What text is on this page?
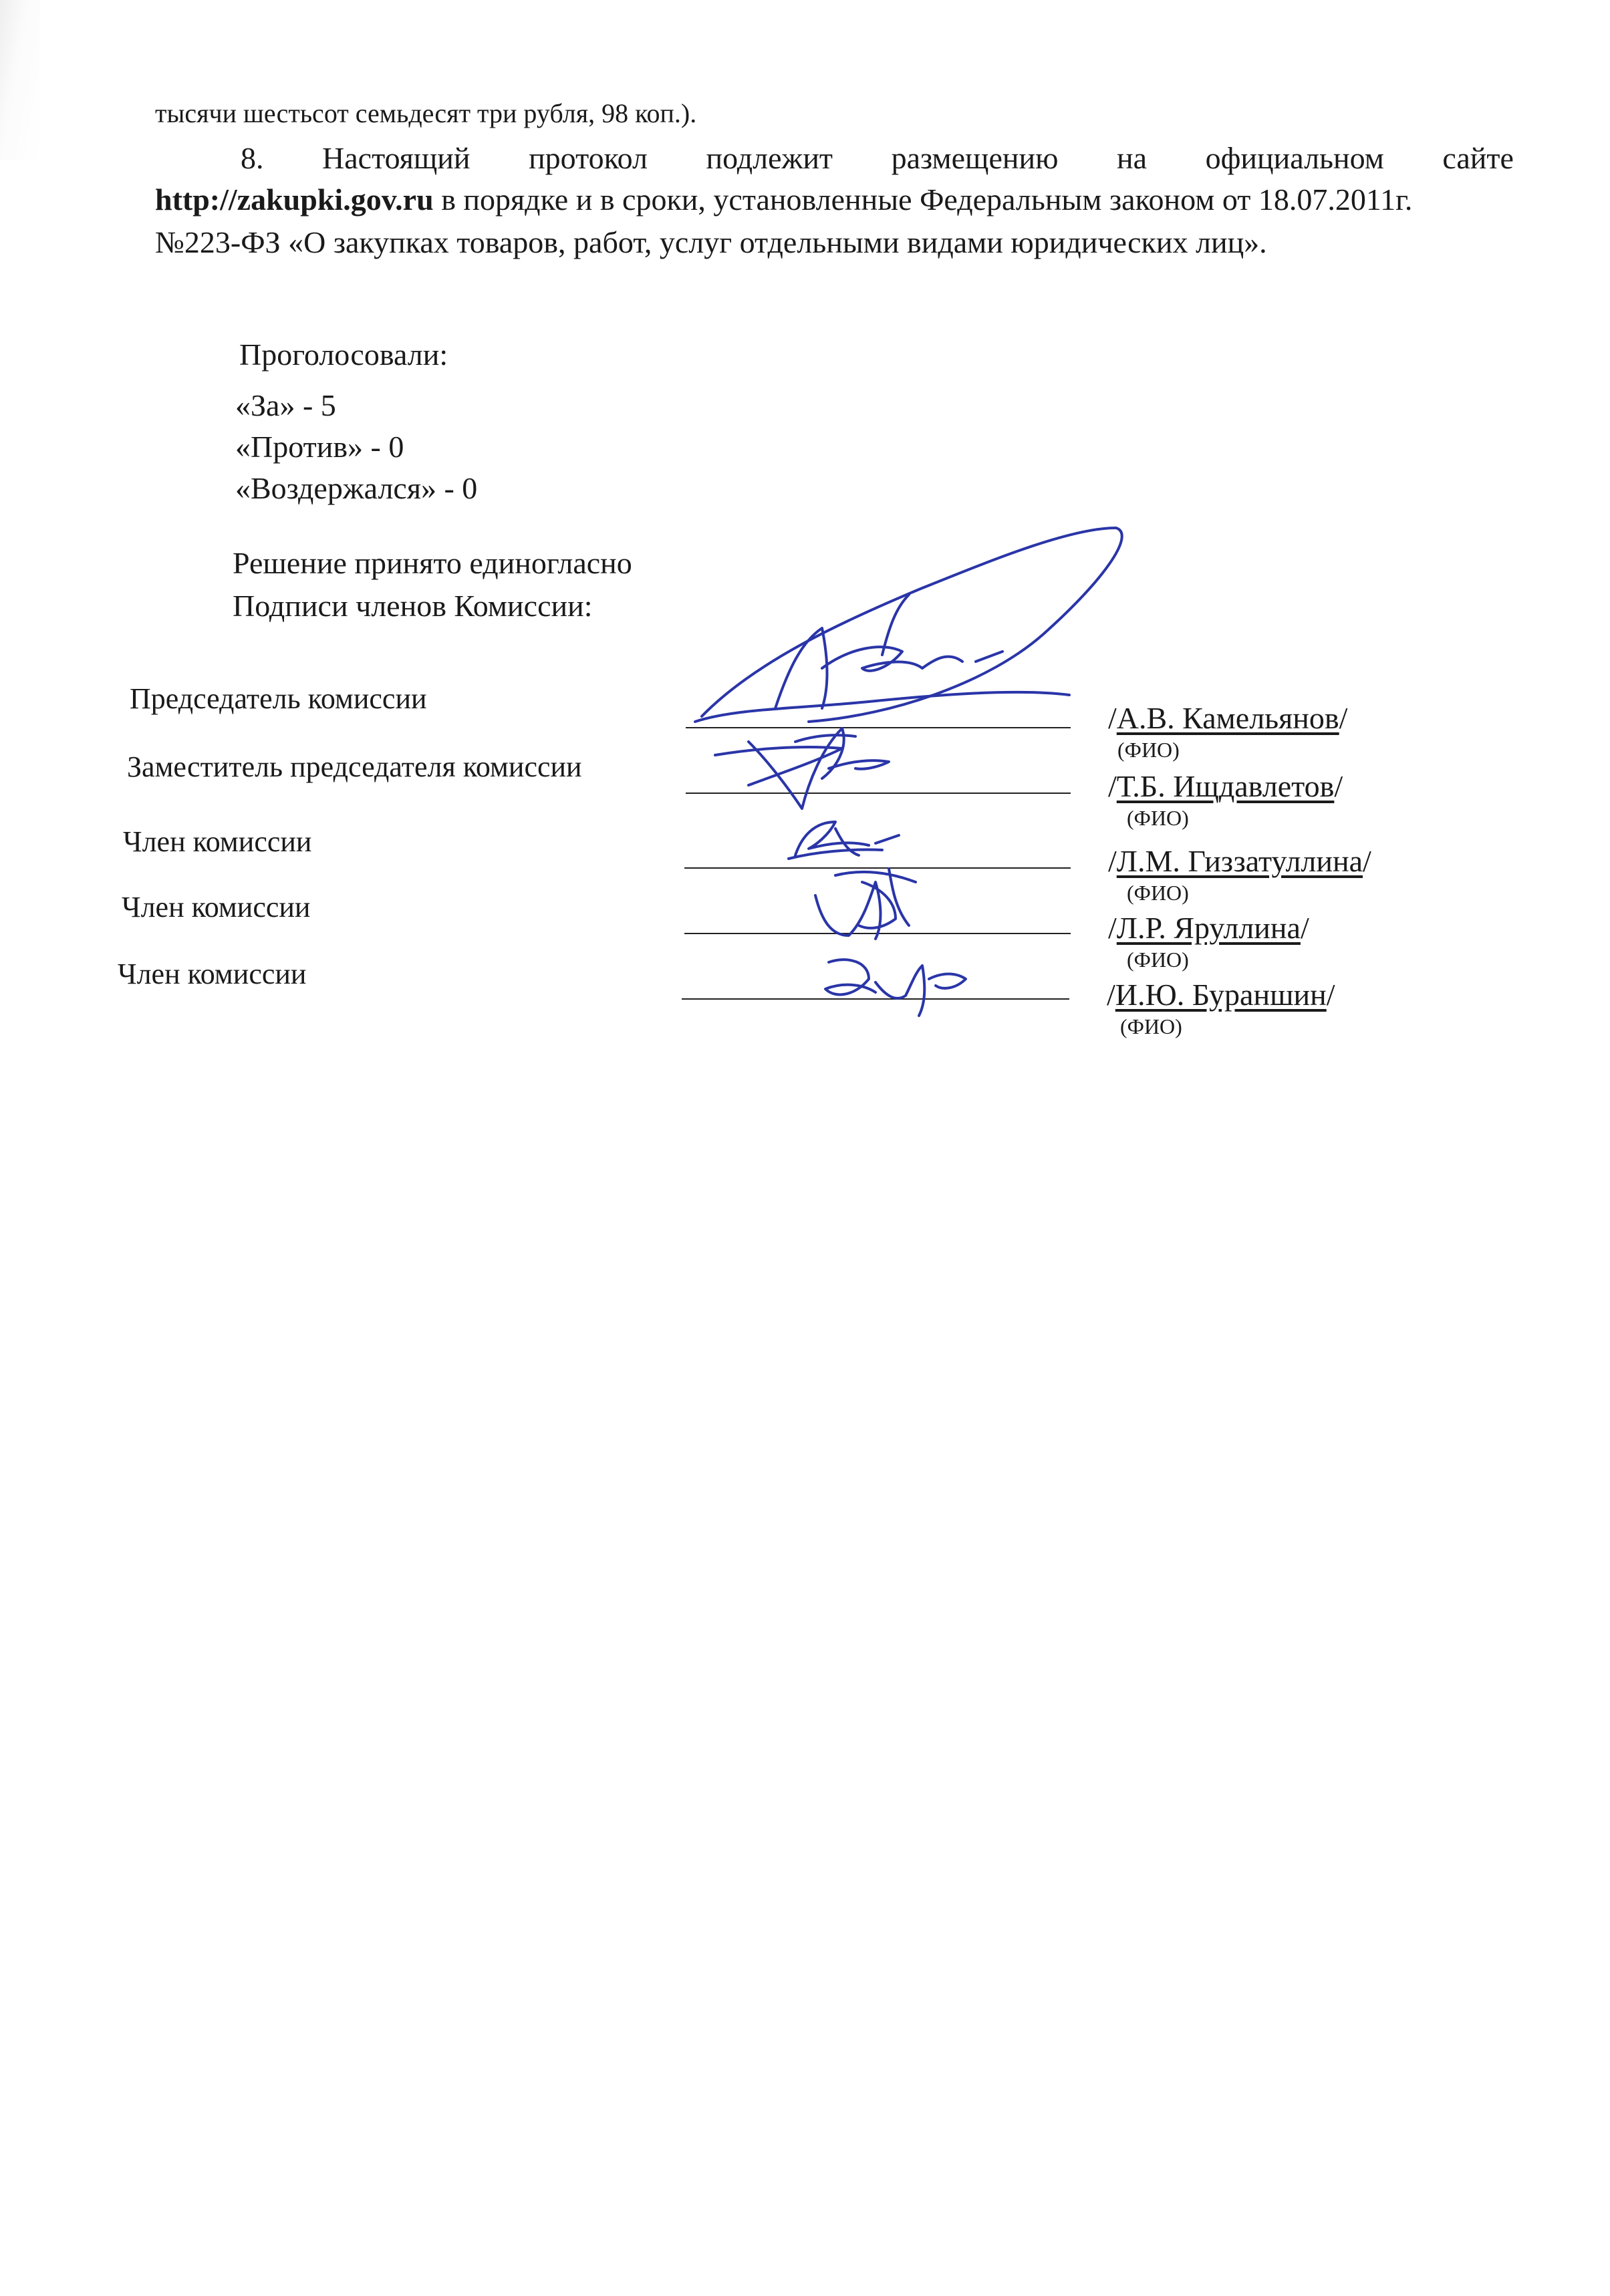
тысячи шестьсот семьдесят три рубля, 98 коп.).
8. Настоящий протокол подлежит размещению на официальном сайте
http://zakupki.gov.ru в порядке и в сроки, установленные Федеральным законом от 18.07.2011г.
№223-ФЗ «О закупках товаров, работ, услуг отдельными видами юридических лиц».
Проголосовали:
«За» - 5
«Против» - 0
«Воздержался» - 0
Решение принято единогласно
Подписи членов Комиссии:
Председатель комиссии
/А.В. Камельянов/
(ФИО)
Заместитель председателя комиссии
/Т.Б. Ищдавлетов/
(ФИО)
Член комиссии
/Л.М. Гиззатуллина/
(ФИО)
Член комиссии
/Л.Р. Яруллина/
(ФИО)
Член комиссии
/И.Ю. Бураншин/
(ФИО)
